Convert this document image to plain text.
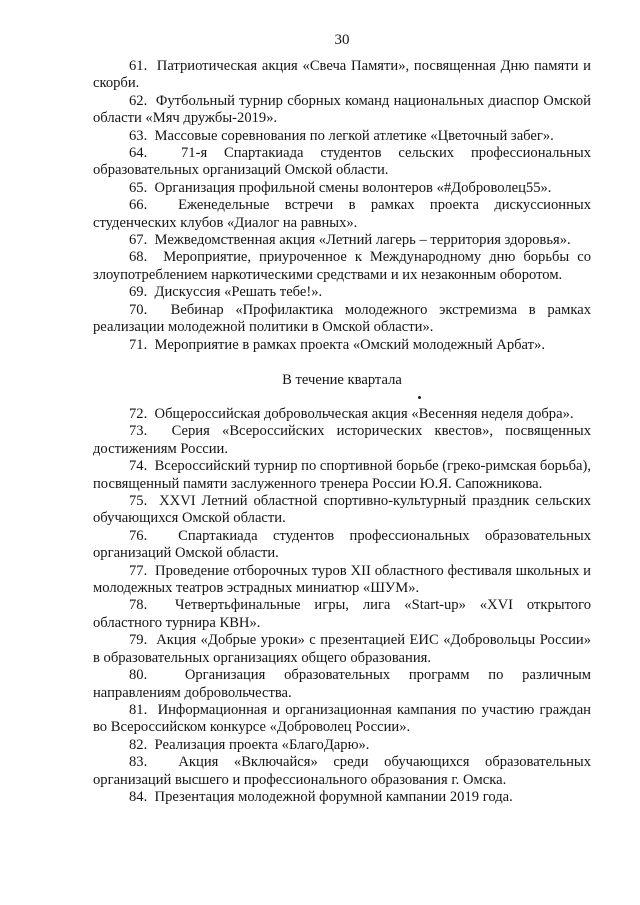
30

61. Патриотическая акция «Свеча Памяти», посвященная Дню памяти и скорби.

62. Футбольный турнир сборных команд национальных диаспор Омской области «Мяч дружбы-2019».

63. Массовые соревнования по легкой атлетике «Цветочный забег».

64. 71-я Спартакиада студентов сельских профессиональных образовательных организаций Омской области.

65. Организация профильной смены волонтеров «#Доброволец55».

66. Еженедельные встречи в рамках проекта дискуссионных студенческих клубов «Диалог на равных».

67. Межведомственная акция «Летний лагерь – территория здоровья».

68. Мероприятие, приуроченное к Международному дню борьбы со злоупотреблением наркотическими средствами и их незаконным оборотом.

69. Дискуссия «Решать тебе!».

70. Вебинар «Профилактика молодежного экстремизма в рамках реализации молодежной политики в Омской области».

71. Мероприятие в рамках проекта «Омский молодежный Арбат».

В течение квартала

72. Общероссийская добровольческая акция «Весенняя неделя добра».

73. Серия «Всероссийских исторических квестов», посвященных достижениям России.

74. Всероссийский турнир по спортивной борьбе (греко-римская борьба), посвященный памяти заслуженного тренера России Ю.Я. Сапожникова.

75. XXVI Летний областной спортивно-культурный праздник сельских обучающихся Омской области.

76. Спартакиада студентов профессиональных образовательных организаций Омской области.

77. Проведение отборочных туров XII областного фестиваля школьных и молодежных театров эстрадных миниатюр «ШУМ».

78. Четвертьфинальные игры, лига «Start-up» «XVI открытого областного турнира КВН».

79. Акция «Добрые уроки» с презентацией ЕИС «Добровольцы России» в образовательных организациях общего образования.

80.	Организация образовательных программ по различным направлениям добровольчества.

81. Информационная и организационная кампания по участию граждан во Всероссийском конкурсе «Доброволец России».

82. Реализация проекта «БлагоДарю».

83. Акция «Включайся» среди обучающихся образовательных организаций высшего и профессионального образования г. Омска.

84. Презентация молодежной форумной кампании 2019 года.
